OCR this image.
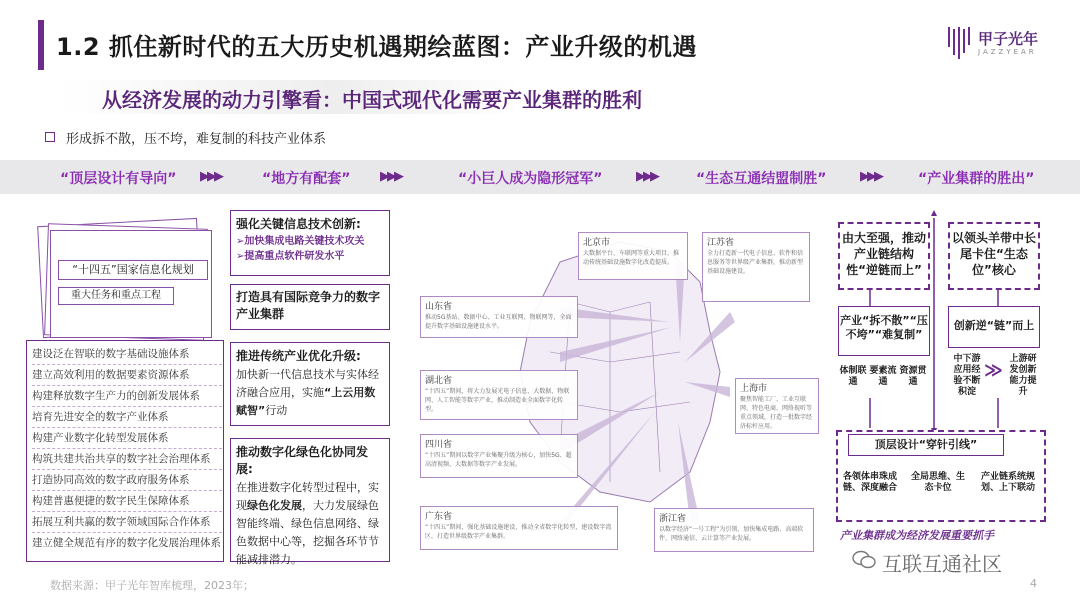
1.2 抓住新时代的五大历史机遇期绘蓝图：产业升级的机遇	甲子光年
JAZZYEAR
从经济发展的动力引擎看：中国式现代化需要产业集群的胜利
形成拆不散，压不垮，难复制的科技产业体系
“顶层设计有导向” ▶▶▶	“地方有配套” ▶▶▶	“小巨人成为隐形冠军”	▶▶▶	“生态互通结盟制胜”	▶▶▶	“产业集群的胜出”
“十四五”国家信息化规划
重大任务和重点工程
建设泛在智联的数字基础设施体系
建立高效利用的数据要素资源体系
构建释放数字生产力的创新发展体系
培育先进安全的数字产业体系
构建产业数字化转型发展体系
构筑共建共治共享的数字社会治理体系
打造协同高效的数字政府服务体系
构建普惠便捷的数字民生保障体系
拓展互利共赢的数字领域国际合作体系
建立健全规范有序的数字化发展治理体系
强化关键信息技术创新:
➢加快集成电路关键技术攻关
➢提高重点软件研发水平
打造具有国际竞争力的数字产业集群
推进传统产业优化升级:
加快新一代信息技术与实体经济融合应用，实施“上云用数赋智”行动
推动数字化绿色化协同发展:
在推进数字化转型过程中，实现绿色化发展，大力发展绿色智能终端、绿色信息网络、绿色数据中心等，挖掘各环节节能减排潜力。
北京市
大数据平台、车联网等重大项目，推动传统基础设施数字化改造提质。
江苏省
全力打造新一代电子信息、软件和信息服务等世界级产业集群，推动新型基础设施建设。
山东省
推动5G基站、数据中心、工业互联网、物联网等，全面提升数字基础设施建设水平。
湖北省
“十四五”期间，将大力发展光电子信息、大数据、物联网、人工智能等数字产业，推动制造业全面数字化转型。
上海市
聚焦智能工厂、工业互联网、特色电商、网络视听等重点领域，打造一批数字经济标杆应用。
四川省
“十四五”期间以数字产业集聚升级为核心，加快5G、超高清视频、大数据等数字产业发展。
广东省
“十四五”期间，强化基础设施建设，推动全省数字化转型，建设数字湾区，打造世界级数字产业集群。
浙江省
以数字经济“一号工程”为引领，加快集成电路、高端软件、网络通信、云计算等产业发展。
由大至强，推动产业链结构性“逆链而上”
以领头羊带中长尾卡住“生态位”核心
产业“拆不散”“压不垮”“难复制”
创新逆“链”而上
体制联通
要素流通
资源贯通
中下游应用经验不断积淀
≫
上游研发创新能力提升
顶层设计“穿针引线”
各领体串珠成链、深度融合
全局思维、生态卡位
产业链系统规划、上下联动
产业集群成为经济发展重要抓手
数据来源：甲子光年智库梳理，2023年；
互联互通社区
4
